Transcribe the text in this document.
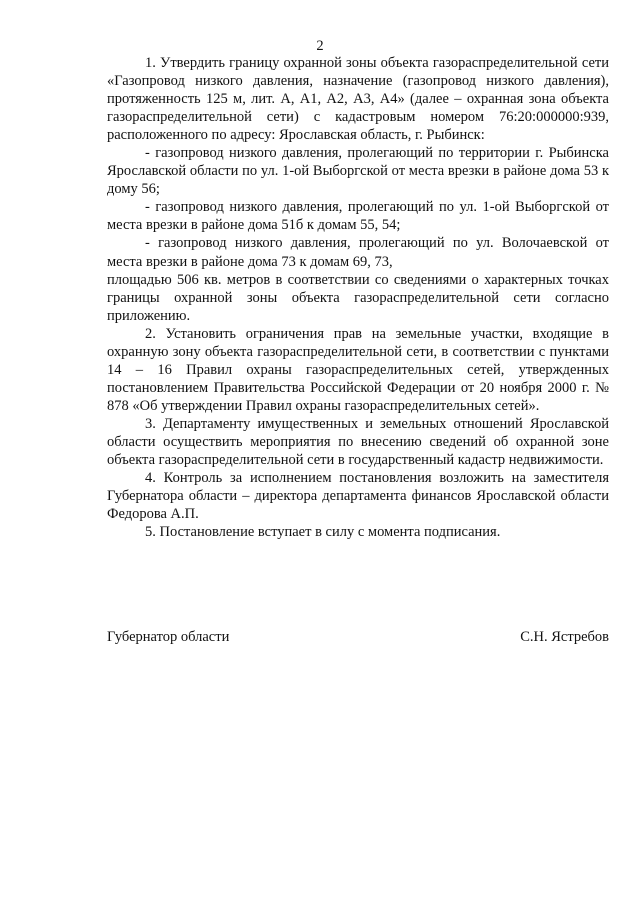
2

1. Утвердить границу охранной зоны объекта газораспределительной сети «Газопровод низкого давления, назначение (газопровод низкого давления), протяженность 125 м, лит. А, А1, А2, А3, А4» (далее – охранная зона объекта газораспределительной сети) с кадастровым номером 76:20:000000:939, расположенного по адресу: Ярославская область, г. Рыбинск:

- газопровод низкого давления, пролегающий по территории г. Рыбинска Ярославской области по ул. 1-ой Выборгской от места врезки в районе дома 53 к дому 56;

- газопровод низкого давления, пролегающий по ул. 1-ой Выборгской от места врезки в районе дома 51б к домам 55, 54;

- газопровод низкого давления, пролегающий по ул. Волочаевской от места врезки в районе дома 73 к домам 69, 73,

площадью 506 кв. метров в соответствии со сведениями о характерных точках границы охранной зоны объекта газораспределительной сети согласно приложению.

2. Установить ограничения прав на земельные участки, входящие в охранную зону объекта газораспределительной сети, в соответствии с пунктами 14 – 16 Правил охраны газораспределительных сетей, утвержденных постановлением Правительства Российской Федерации от 20 ноября 2000 г. № 878 «Об утверждении Правил охраны газораспределительных сетей».

3. Департаменту имущественных и земельных отношений Ярославской области осуществить мероприятия по внесению сведений об охранной зоне объекта газораспределительной сети в государственный кадастр недвижимости.

4. Контроль за исполнением постановления возложить на заместителя Губернатора области – директора департамента финансов Ярославской области Федорова А.П.

5. Постановление вступает в силу с момента подписания.

Губернатор области	С.Н. Ястребов
